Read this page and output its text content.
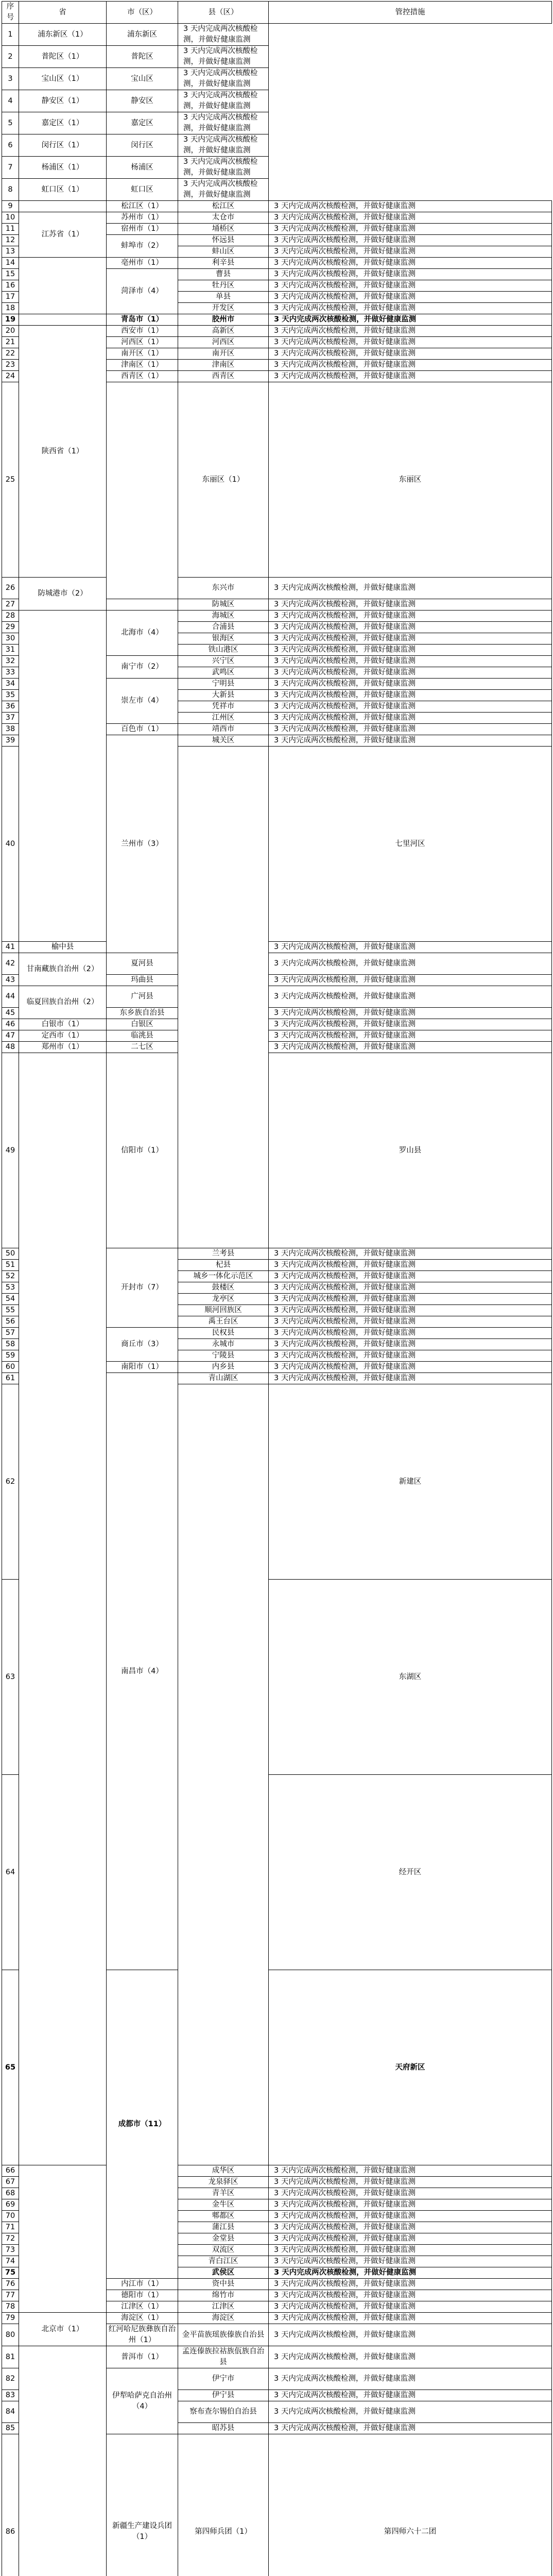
序号	省	市（区）	县（区）	管控措施	
1	浦东新区（1）	浦东新区	3 天内完成两次核酸检测，并做好健康监测		
2	普陀区（1）	普陀区	3 天内完成两次核酸检测，并做好健康监测		
3	宝山区（1）	宝山区	3 天内完成两次核酸检测，并做好健康监测		
4	静安区（1）	静安区	3 天内完成两次核酸检测，并做好健康监测		
5	嘉定区（1）	嘉定区	3 天内完成两次核酸检测，并做好健康监测		
6	闵行区（1）	闵行区	3 天内完成两次核酸检测，并做好健康监测		
7	杨浦区（1）	杨浦区	3 天内完成两次核酸检测，并做好健康监测		
8	虹口区（1）	虹口区	3 天内完成两次核酸检测，并做好健康监测		
9		松江区（1）	松江区	3 天内完成两次核酸检测，并做好健康监测	
10	江苏省（1）	苏州市（1）	太仓市	3 天内完成两次核酸检测，并做好健康监测	
11		宿州市（1）	埇桥区	3 天内完成两次核酸检测，并做好健康监测	
12		蚌埠市（2）	怀远县	3 天内完成两次核酸检测，并做好健康监测	
13			蚌山区	3 天内完成两次核酸检测，并做好健康监测	
14		亳州市（1）	利辛县	3 天内完成两次核酸检测，并做好健康监测	
15		菏泽市（4）	曹县	3 天内完成两次核酸检测，并做好健康监测	
16			牡丹区	3 天内完成两次核酸检测，并做好健康监测	
17			单县	3 天内完成两次核酸检测，并做好健康监测	
18			开发区	3 天内完成两次核酸检测，并做好健康监测	
19		青岛市（1）	胶州市	3 天内完成两次核酸检测，并做好健康监测	
20	陕西省（1）	西安市（1）	高新区	3 天内完成两次核酸检测，并做好健康监测	
21		河西区（1）	河西区	3 天内完成两次核酸检测，并做好健康监测	
22		南开区（1）	南开区	3 天内完成两次核酸检测，并做好健康监测	
23		津南区（1）	津南区	3 天内完成两次核酸检测，并做好健康监测	
24		西青区（1）	西青区	3 天内完成两次核酸检测，并做好健康监测	
25			东丽区（1）	东丽区	
26	防城港市（2）		东兴市	3 天内完成两次核酸检测，并做好健康监测	
27			防城区	3 天内完成两次核酸检测，并做好健康监测	
28		北海市（4）	海城区	3 天内完成两次核酸检测，并做好健康监测	
29			合浦县	3 天内完成两次核酸检测，并做好健康监测	
30			银海区	3 天内完成两次核酸检测，并做好健康监测	
31			铁山港区	3 天内完成两次核酸检测，并做好健康监测	
32		南宁市（2）	兴宁区	3 天内完成两次核酸检测，并做好健康监测	
33			武鸣区	3 天内完成两次核酸检测，并做好健康监测	
34		崇左市（4）	宁明县	3 天内完成两次核酸检测，并做好健康监测	
35			大新县	3 天内完成两次核酸检测，并做好健康监测	
36			凭祥市	3 天内完成两次核酸检测，并做好健康监测	
37			江州区	3 天内完成两次核酸检测，并做好健康监测	
38		百色市（1）	靖西市	3 天内完成两次核酸检测，并做好健康监测	
39		兰州市（3）	城关区	3 天内完成两次核酸检测，并做好健康监测	
40				七里河区	
41	榆中县			3 天内完成两次核酸检测，并做好健康监测	
42	甘南藏族自治州（2）	夏河县		3 天内完成两次核酸检测，并做好健康监测	
43		玛曲县		3 天内完成两次核酸检测，并做好健康监测	
44	临夏回族自治州（2）	广河县		3 天内完成两次核酸检测，并做好健康监测	
45		东乡族自治县		3 天内完成两次核酸检测，并做好健康监测	
46	白银市（1）	白银区		3 天内完成两次核酸检测，并做好健康监测	
47	定西市（1）	临洮县		3 天内完成两次核酸检测，并做好健康监测	
48	郑州市（1）	二七区		3 天内完成两次核酸检测，并做好健康监测	
49		信阳市（1）		罗山县	
50		开封市（7）	兰考县	3 天内完成两次核酸检测，并做好健康监测	
51			杞县	3 天内完成两次核酸检测，并做好健康监测	
52			城乡一体化示范区	3 天内完成两次核酸检测，并做好健康监测	
53			鼓楼区	3 天内完成两次核酸检测，并做好健康监测	
54			龙亭区	3 天内完成两次核酸检测，并做好健康监测	
55			顺河回族区	3 天内完成两次核酸检测，并做好健康监测	
56			禹王台区	3 天内完成两次核酸检测，并做好健康监测	
57		商丘市（3）	民权县	3 天内完成两次核酸检测，并做好健康监测	
58			永城市	3 天内完成两次核酸检测，并做好健康监测	
59			宁陵县	3 天内完成两次核酸检测，并做好健康监测	
60		南阳市（1）	内乡县	3 天内完成两次核酸检测，并做好健康监测	
61		南昌市（4）	青山湖区	3 天内完成两次核酸检测，并做好健康监测	
62				新建区	
63				东湖区	
64				经开区	
65		成都市（11）		天府新区	
66			成华区	3 天内完成两次核酸检测，并做好健康监测	
67			龙泉驿区	3 天内完成两次核酸检测，并做好健康监测	
68			青羊区	3 天内完成两次核酸检测，并做好健康监测	
69			金牛区	3 天内完成两次核酸检测，并做好健康监测	
70			郫都区	3 天内完成两次核酸检测，并做好健康监测	
71			蒲江县	3 天内完成两次核酸检测，并做好健康监测	
72			金堂县	3 天内完成两次核酸检测，并做好健康监测	
73			双流区	3 天内完成两次核酸检测，并做好健康监测	
74			青白江区	3 天内完成两次核酸检测，并做好健康监测	
75			武侯区	3 天内完成两次核酸检测，并做好健康监测	
76		内江市（1）	资中县	3 天内完成两次核酸检测，并做好健康监测	
77		德阳市（1）	绵竹市	3 天内完成两次核酸检测，并做好健康监测	
78		江津区（1）	江津区	3 天内完成两次核酸检测，并做好健康监测	
79	北京市（1）	海淀区（1）	海淀区	3 天内完成两次核酸检测，并做好健康监测	
80		红河哈尼族彝族自治州（1）	金平苗族瑶族傣族自治县	3 天内完成两次核酸检测，并做好健康监测	
81		普洱市（1）	孟连傣族拉祜族佤族自治县	3 天内完成两次核酸检测，并做好健康监测	
82		伊犁哈萨克自治州（4）	伊宁市	3 天内完成两次核酸检测，并做好健康监测	
83			伊宁县	3 天内完成两次核酸检测，并做好健康监测	
84			察布查尔锡伯自治县	3 天内完成两次核酸检测，并做好健康监测	
85			昭苏县	3 天内完成两次核酸检测，并做好健康监测	
86		新疆生产建设兵团（1）	第四师兵团（1）	第四师六十二团	
